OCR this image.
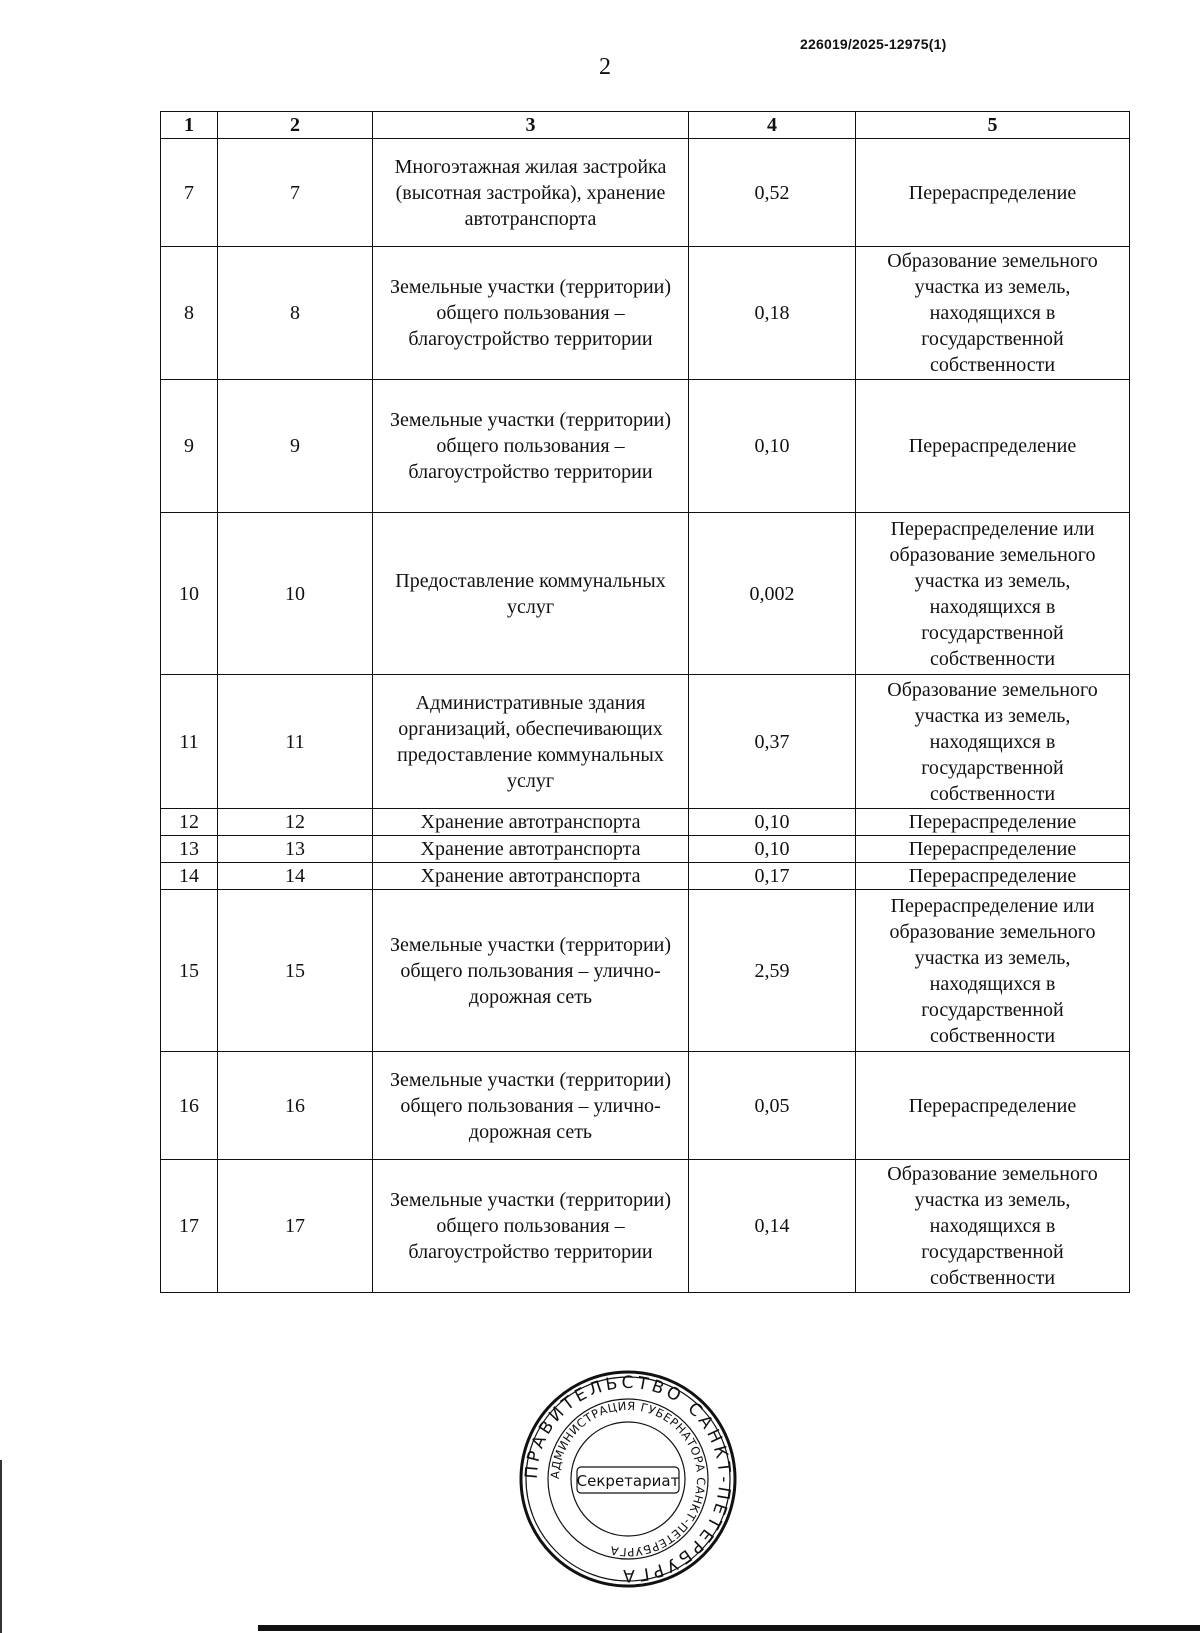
226019/2025-12975(1)
2
1	2	3	4	5
7	7	Многоэтажная жилая застройка (высотная застройка), хранение автотранспорта	0,52	Перераспределение
8	8	Земельные участки (территории) общего пользования – благоустройство территории	0,18	Образование земельного участка из земель, находящихся в государственной собственности
9	9	Земельные участки (территории) общего пользования – благоустройство территории	0,10	Перераспределение
10	10	Предоставление коммунальных услуг	0,002	Перераспределение или образование земельного участка из земель, находящихся в государственной собственности
11	11	Административные здания организаций, обеспечивающих предоставление коммунальных услуг	0,37	Образование земельного участка из земель, находящихся в государственной собственности
12	12	Хранение автотранспорта	0,10	Перераспределение
13	13	Хранение автотранспорта	0,10	Перераспределение
14	14	Хранение автотранспорта	0,17	Перераспределение
15	15	Земельные участки (территории) общего пользования – улично-дорожная сеть	2,59	Перераспределение или образование земельного участка из земель, находящихся в государственной собственности
16	16	Земельные участки (территории) общего пользования – улично-дорожная сеть	0,05	Перераспределение
17	17	Земельные участки (территории) общего пользования – благоустройство территории	0,14	Образование земельного участка из земель, находящихся в государственной собственности
ПРАВИТЕЛЬСТВО САНКТ-ПЕТЕРБУРГА
АДМИНИСТРАЦИЯ ГУБЕРНАТОРА САНКТ-ПЕТЕРБУРГА
Секретариат
